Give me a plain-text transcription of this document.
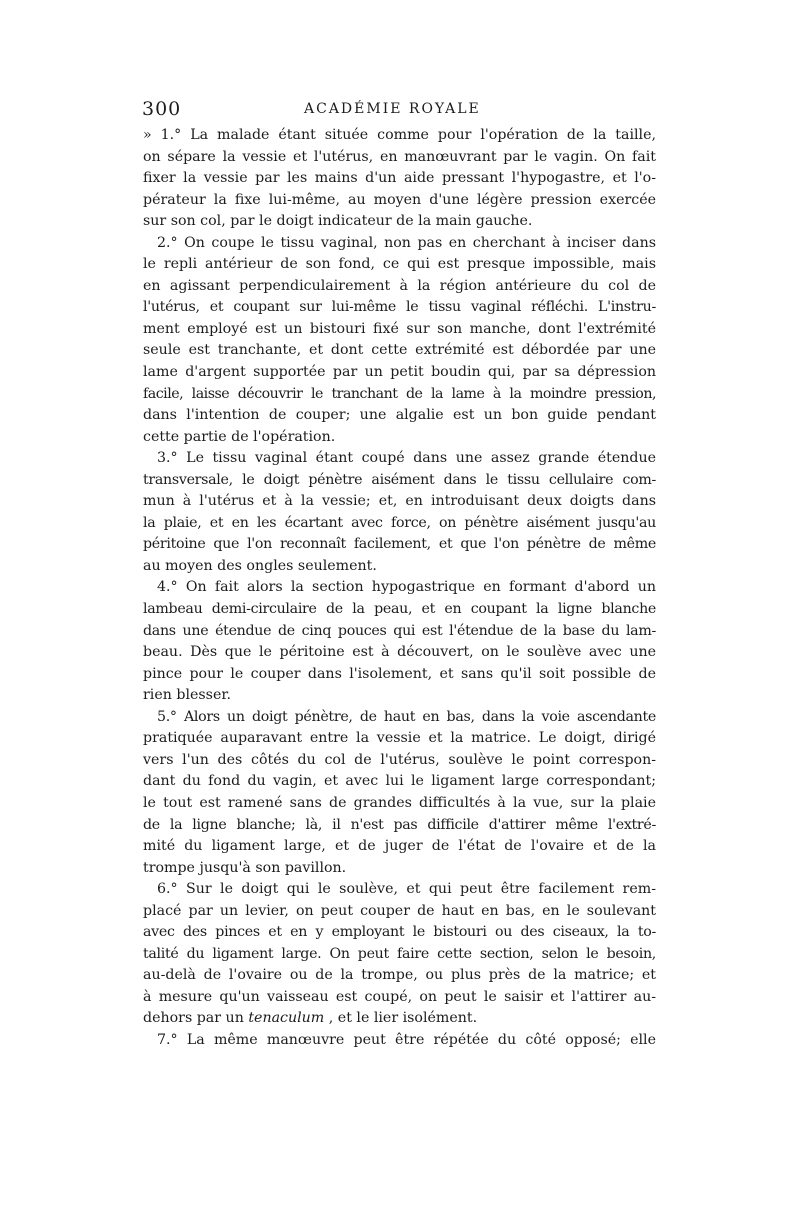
300	ACADÉMIE ROYALE
» 1.° La malade étant située comme pour l'opération de la taille,
on sépare la vessie et l'utérus, en manœuvrant par le vagin. On fait
fixer la vessie par les mains d'un aide pressant l'hypogastre, et l'o-
pérateur la fixe lui-même, au moyen d'une légère pression exercée
sur son col, par le doigt indicateur de la main gauche.
2.° On coupe le tissu vaginal, non pas en cherchant à inciser dans
le repli antérieur de son fond, ce qui est presque impossible, mais
en agissant perpendiculairement à la région antérieure du col de
l'utérus, et coupant sur lui-même le tissu vaginal réfléchi. L'instru-
ment employé est un bistouri fixé sur son manche, dont l'extrémité
seule est tranchante, et dont cette extrémité est débordée par une
lame d'argent supportée par un petit boudin qui, par sa dépression
facile, laisse découvrir le tranchant de la lame à la moindre pression,
dans l'intention de couper; une algalie est un bon guide pendant
cette partie de l'opération.
3.° Le tissu vaginal étant coupé dans une assez grande étendue
transversale, le doigt pénètre aisément dans le tissu cellulaire com-
mun à l'utérus et à la vessie; et, en introduisant deux doigts dans
la plaie, et en les écartant avec force, on pénètre aisément jusqu'au
péritoine que l'on reconnaît facilement, et que l'on pénètre de même
au moyen des ongles seulement.
4.° On fait alors la section hypogastrique en formant d'abord un
lambeau demi-circulaire de la peau, et en coupant la ligne blanche
dans une étendue de cinq pouces qui est l'étendue de la base du lam-
beau. Dès que le péritoine est à découvert, on le soulève avec une
pince pour le couper dans l'isolement, et sans qu'il soit possible de
rien blesser.
5.° Alors un doigt pénètre, de haut en bas, dans la voie ascendante
pratiquée auparavant entre la vessie et la matrice. Le doigt, dirigé
vers l'un des côtés du col de l'utérus, soulève le point correspon-
dant du fond du vagin, et avec lui le ligament large correspondant;
le tout est ramené sans de grandes difficultés à la vue, sur la plaie
de la ligne blanche; là, il n'est pas difficile d'attirer même l'extré-
mité du ligament large, et de juger de l'état de l'ovaire et de la
trompe jusqu'à son pavillon.
6.° Sur le doigt qui le soulève, et qui peut être facilement rem-
placé par un levier, on peut couper de haut en bas, en le soulevant
avec des pinces et en y employant le bistouri ou des ciseaux, la to-
talité du ligament large. On peut faire cette section, selon le besoin,
au-delà de l'ovaire ou de la trompe, ou plus près de la matrice; et
à mesure qu'un vaisseau est coupé, on peut le saisir et l'attirer au-
dehors par un tenaculum , et le lier isolément.
7.° La même manœuvre peut être répétée du côté opposé; elle
